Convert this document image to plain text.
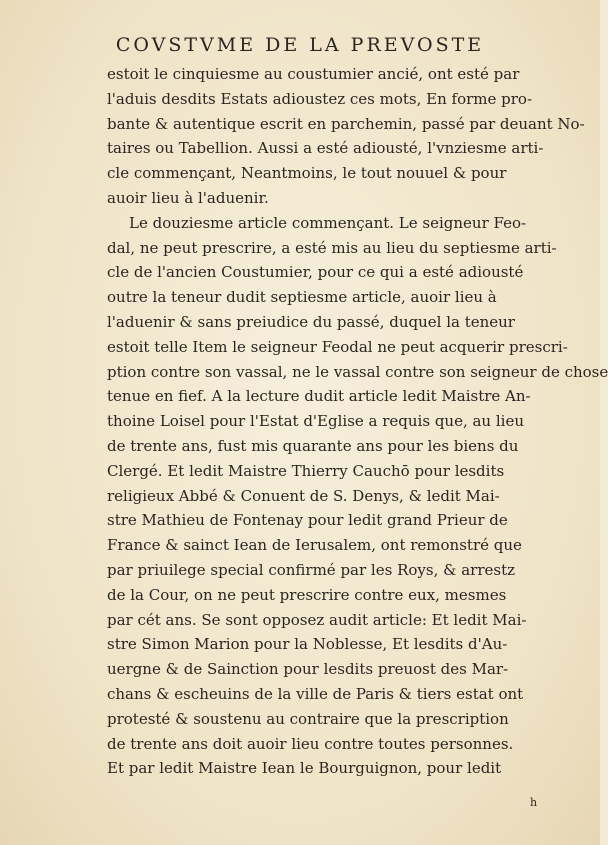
COVSTVME DE LA PREVOSTE
estoit le cinquiesme au coustumier ancié, ont esté par
l'aduis desdits Estats adioustez ces mots, En forme pro-
bante & autentique escrit en parchemin, passé par deuant No-
taires ou Tabellion. Aussi a esté adiousté, l'vnziesme arti-
cle commençant, Neantmoins, le tout nouuel & pour
auoir lieu à l'aduenir.
Le douziesme article commençant. Le seigneur Feo-
dal, ne peut prescrire, a esté mis au lieu du septiesme arti-
cle de l'ancien Coustumier, pour ce qui a esté adiousté
outre la teneur dudit septiesme article, auoir lieu à
l'aduenir & sans preiudice du passé, duquel la teneur
estoit telle Item le seigneur Feodal ne peut acquerir prescri-
ption contre son vassal, ne le vassal contre son seigneur de chose
tenue en fief. A la lecture dudit article ledit Maistre An-
thoine Loisel pour l'Estat d'Eglise a requis que, au lieu
de trente ans, fust mis quarante ans pour les biens du
Clergé. Et ledit Maistre Thierry Cauchō pour lesdits
religieux Abbé & Conuent de S. Denys, & ledit Mai-
stre Mathieu de Fontenay pour ledit grand Prieur de
France & sainct Iean de Ierusalem, ont remonstré que
par priuilege special confirmé par les Roys, & arrestz
de la Cour, on ne peut prescrire contre eux, mesmes
par cét ans. Se sont opposez audit article: Et ledit Mai-
stre Simon Marion pour la Noblesse, Et lesdits d'Au-
uergne & de Sainction pour lesdits preuost des Mar-
chans & escheuins de la ville de Paris & tiers estat ont
protesté & soustenu au contraire que la prescription
de trente ans doit auoir lieu contre toutes personnes.
Et par ledit Maistre Iean le Bourguignon, pour ledit
h
